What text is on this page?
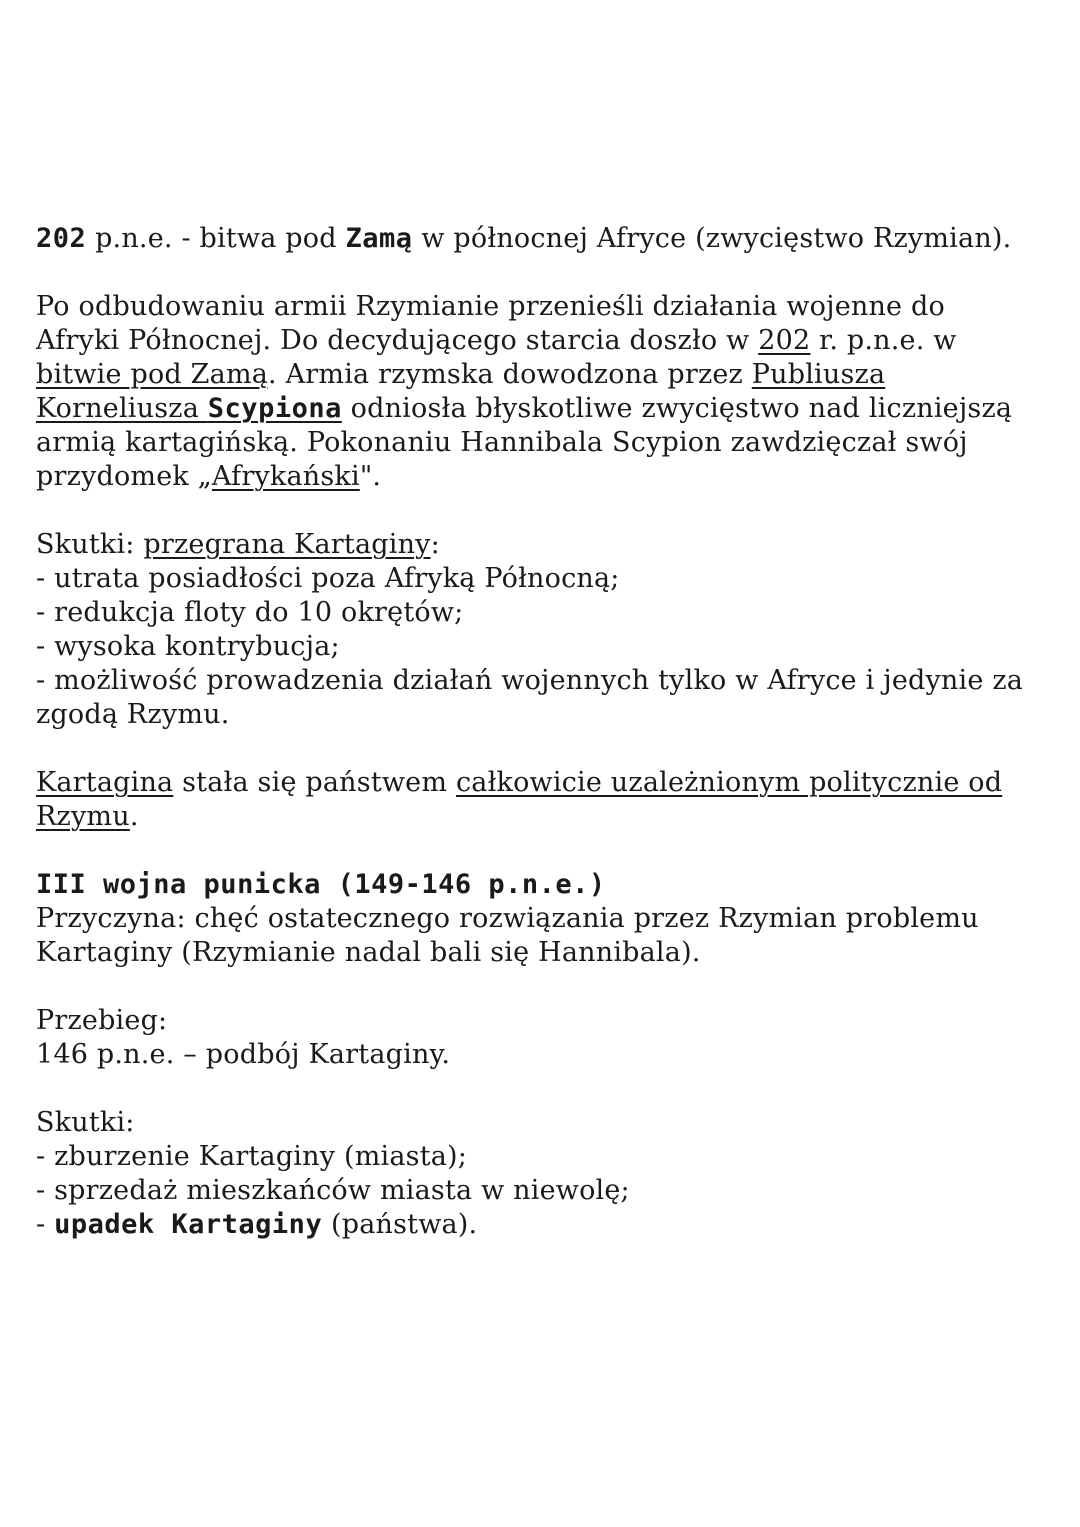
202 p.n.e. - bitwa pod Zamą w północnej Afryce (zwycięstwo Rzymian).

Po odbudowaniu armii Rzymianie przenieśli działania wojenne do
Afryki Północnej. Do decydującego starcia doszło w 202 r. p.n.e. w
bitwie pod Zamą. Armia rzymska dowodzona przez Publiusza
Korneliusza Scypiona odniosła błyskotliwe zwycięstwo nad liczniejszą
armią kartagińską. Pokonaniu Hannibala Scypion zawdzięczał swój
przydomek „Afrykański".

Skutki: przegrana Kartaginy:
- utrata posiadłości poza Afryką Północną;
- redukcja floty do 10 okrętów;
- wysoka kontrybucja;
- możliwość prowadzenia działań wojennych tylko w Afryce i jedynie za
zgodą Rzymu.

Kartagina stała się państwem całkowicie uzależnionym politycznie od
Rzymu.

III wojna punicka (149-146 p.n.e.)
Przyczyna: chęć ostatecznego rozwiązania przez Rzymian problemu
Kartaginy (Rzymianie nadal bali się Hannibala).
Przebieg:
146 p.n.e. – podbój Kartaginy.
Skutki:
- zburzenie Kartaginy (miasta);
- sprzedaż mieszkańców miasta w niewolę;
- upadek Kartaginy (państwa).
